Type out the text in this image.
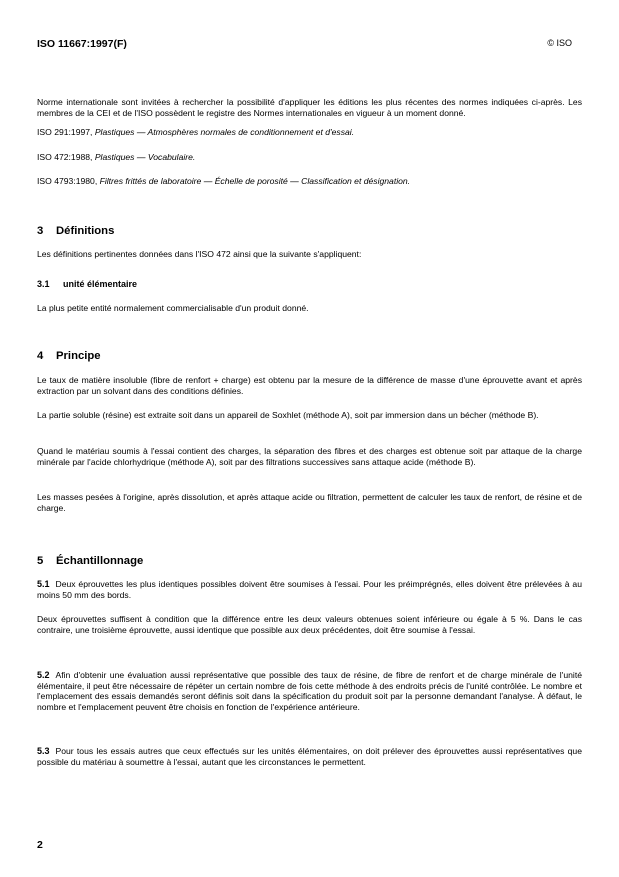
ISO 11667:1997(F)	© ISO

Norme internationale sont invitées à rechercher la possibilité d'appliquer les éditions les plus récentes des normes indiquées ci-après. Les membres de la CEI et de l'ISO possèdent le registre des Normes internationales en vigueur à un moment donné.

ISO 291:1997, Plastiques — Atmosphères normales de conditionnement et d'essai.

ISO 472:1988, Plastiques — Vocabulaire.

ISO 4793:1980, Filtres frittés de laboratoire — Échelle de porosité — Classification et désignation.

3 Définitions

Les définitions pertinentes données dans l'ISO 472 ainsi que la suivante s'appliquent:

3.1 unité élémentaire

La plus petite entité normalement commercialisable d'un produit donné.

4 Principe

Le taux de matière insoluble (fibre de renfort + charge) est obtenu par la mesure de la différence de masse d'une éprouvette avant et après extraction par un solvant dans des conditions définies.

La partie soluble (résine) est extraite soit dans un appareil de Soxhlet (méthode A), soit par immersion dans un bécher (méthode B).

Quand le matériau soumis à l'essai contient des charges, la séparation des fibres et des charges est obtenue soit par attaque de la charge minérale par l'acide chlorhydrique (méthode A), soit par des filtrations successives sans attaque acide (méthode B).

Les masses pesées à l'origine, après dissolution, et après attaque acide ou filtration, permettent de calculer les taux de renfort, de résine et de charge.

5 Échantillonnage

5.1 Deux éprouvettes les plus identiques possibles doivent être soumises à l'essai. Pour les préimprégnés, elles doivent être prélevées à au moins 50 mm des bords.

Deux éprouvettes suffisent à condition que la différence entre les deux valeurs obtenues soient inférieure ou égale à 5 %. Dans le cas contraire, une troisième éprouvette, aussi identique que possible aux deux précédentes, doit être soumise à l'essai.

5.2 Afin d'obtenir une évaluation aussi représentative que possible des taux de résine, de fibre de renfort et de charge minérale de l'unité élémentaire, il peut être nécessaire de répéter un certain nombre de fois cette méthode à des endroits précis de l'unité contrôlée. Le nombre et l'emplacement des essais demandés seront définis soit dans la spécification du produit soit par la personne demandant l'analyse. À défaut, le nombre et l'emplacement peuvent être choisis en fonction de l'expérience antérieure.

5.3 Pour tous les essais autres que ceux effectués sur les unités élémentaires, on doit prélever des éprouvettes aussi représentatives que possible du matériau à soumettre à l'essai, autant que les circonstances le permettent.

2
